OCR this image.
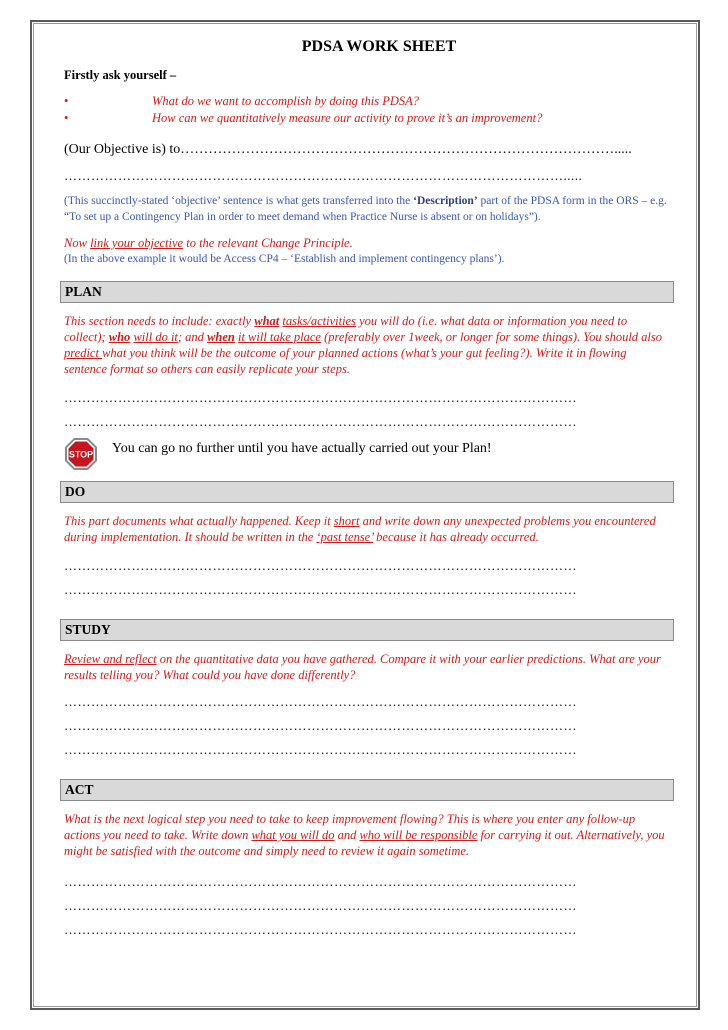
PDSA WORK SHEET
Firstly ask yourself –
•	What do we want to accomplish by doing this PDSA?
•	How can we quantitatively measure our activity to prove it’s an improvement?
(Our Objective is) to………………………………………………………………………………….....
………………………………………………………………………………………………….....
(This succinctly-stated ‘objective’ sentence is what gets transferred into the ‘Description’ part of the PDSA form in the ORS – e.g. “To set up a Contingency Plan in order to meet demand when Practice Nurse is absent or on holidays”).
Now link your objective to the relevant Change Principle.
(In the above example it would be Access CP4 – ‘Establish and implement contingency plans’).
PLAN
This section needs to include: exactly what tasks/activities you will do (i.e. what data or information you need to collect); who will do it; and when it will take place (preferably over 1week, or longer for some things). You should also predict what you think will be the outcome of your planned actions (what’s your gut feeling?). Write it in flowing sentence format so others can easily replicate your steps.
……………………………………………………………………………………………………
……………………………………………………………………………………………………
STOP You can go no further until you have actually carried out your Plan!
DO
This part documents what actually happened. Keep it short and write down any unexpected problems you encountered during implementation. It should be written in the ‘past tense’ because it has already occurred.
……………………………………………………………………………………………………
……………………………………………………………………………………………………
STUDY
Review and reflect on the quantitative data you have gathered. Compare it with your earlier predictions. What are your results telling you? What could you have done differently?
……………………………………………………………………………………………………
……………………………………………………………………………………………………
……………………………………………………………………………………………………
ACT
What is the next logical step you need to take to keep improvement flowing? This is where you enter any follow-up actions you need to take. Write down what you will do and who will be responsible for carrying it out. Alternatively, you might be satisfied with the outcome and simply need to review it again sometime.
……………………………………………………………………………………………………
……………………………………………………………………………………………………
……………………………………………………………………………………………………
